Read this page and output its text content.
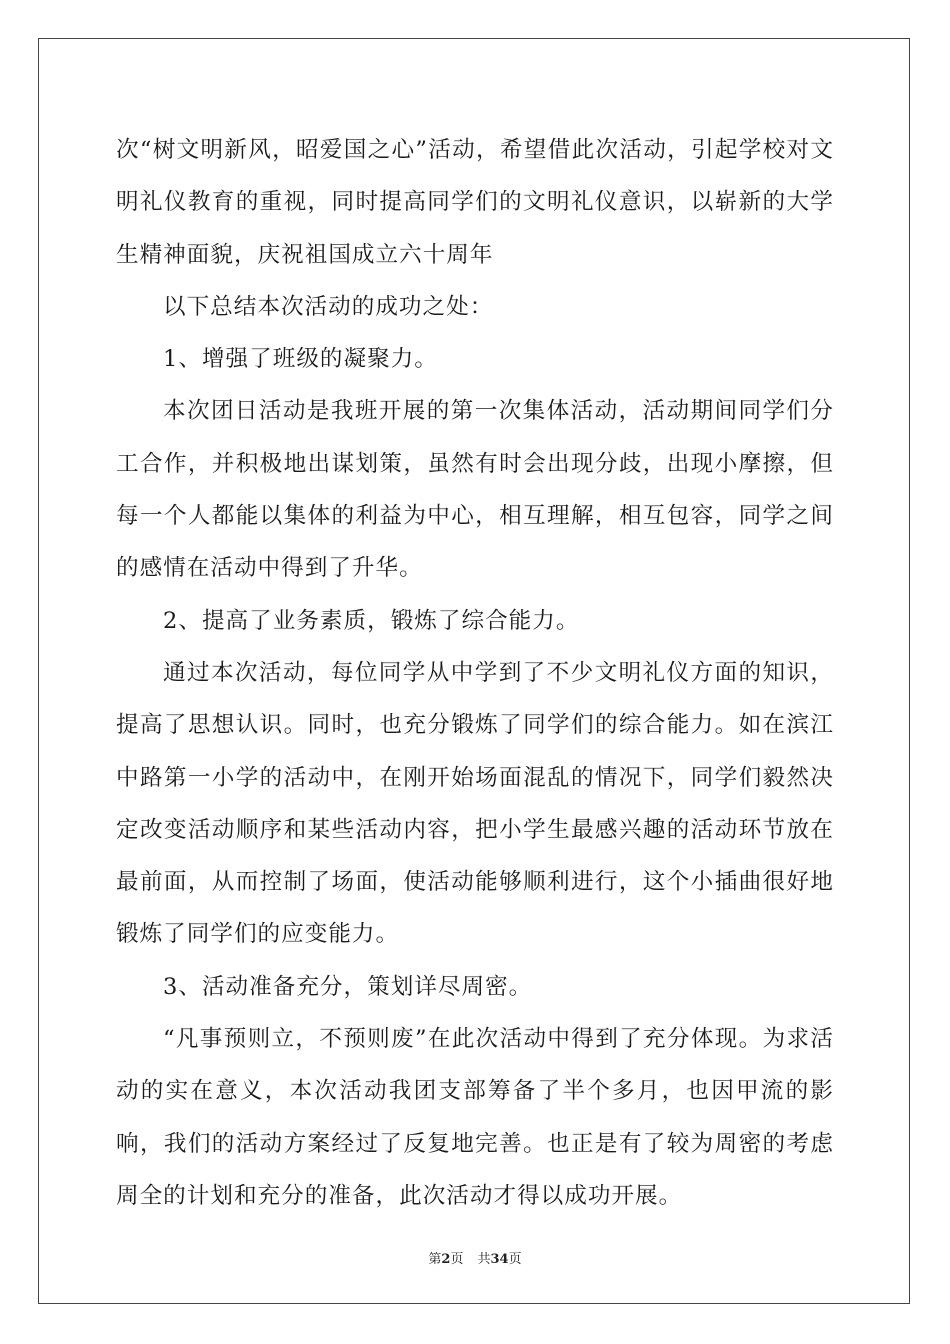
次“树文明新风，昭爱国之心”活动，希望借此次活动，引起学校对文明礼仪教育的重视，同时提高同学们的文明礼仪意识，以崭新的大学生精神面貌，庆祝祖国成立六十周年

以下总结本次活动的成功之处：

1、增强了班级的凝聚力。

本次团日活动是我班开展的第一次集体活动，活动期间同学们分工合作，并积极地出谋划策，虽然有时会出现分歧，出现小摩擦，但每一个人都能以集体的利益为中心，相互理解，相互包容，同学之间的感情在活动中得到了升华。

2、提高了业务素质，锻炼了综合能力。

通过本次活动，每位同学从中学到了不少文明礼仪方面的知识，提高了思想认识。同时，也充分锻炼了同学们的综合能力。如在滨江中路第一小学的活动中，在刚开始场面混乱的情况下，同学们毅然决定改变活动顺序和某些活动内容，把小学生最感兴趣的活动环节放在最前面，从而控制了场面，使活动能够顺利进行，这个小插曲很好地锻炼了同学们的应变能力。

3、活动准备充分，策划详尽周密。

“凡事预则立，不预则废”在此次活动中得到了充分体现。为求活动的实在意义，本次活动我团支部筹备了半个多月，也因甲流的影响，我们的活动方案经过了反复地完善。也正是有了较为周密的考虑周全的计划和充分的准备，此次活动才得以成功开展。

第2页 共34页
